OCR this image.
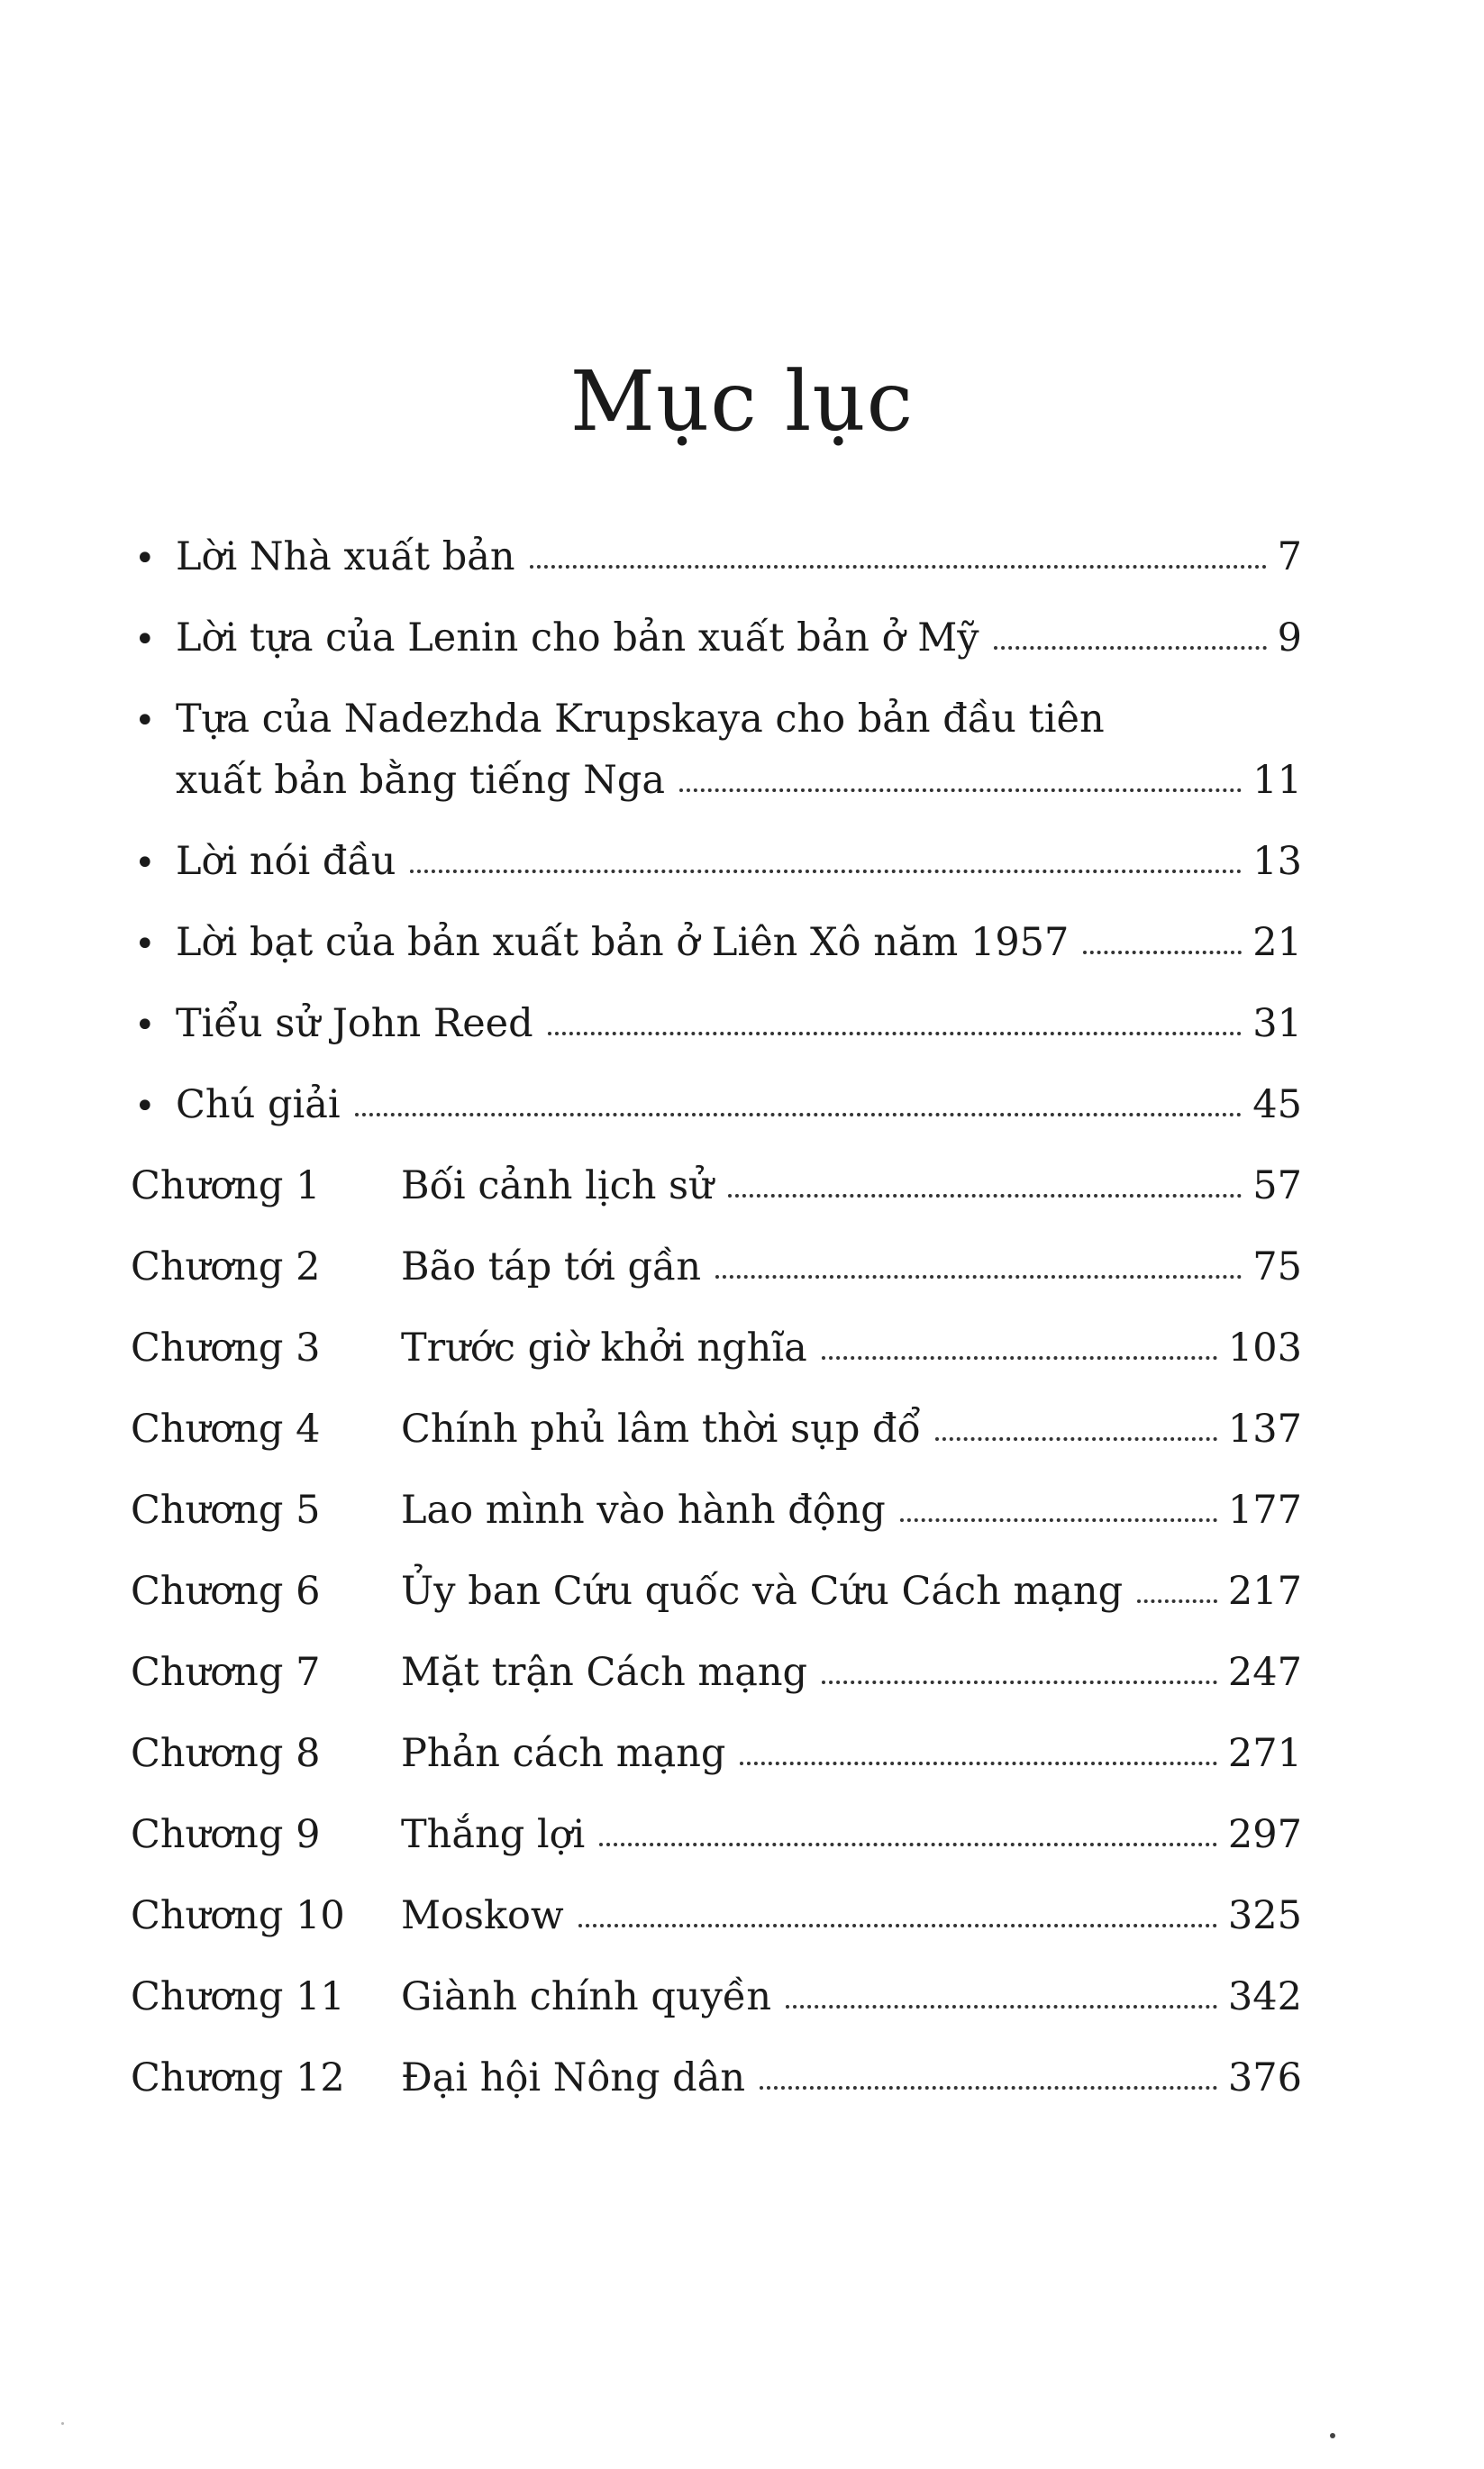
Mục lục
• Lời Nhà xuất bản	7
• Lời tựa của Lenin cho bản xuất bản ở Mỹ	9
• Tựa của Nadezhda Krupskaya cho bản đầu tiên
xuất bản bằng tiếng Nga	11
• Lời nói đầu	13
• Lời bạt của bản xuất bản ở Liên Xô năm 1957	21
• Tiểu sử John Reed	31
• Chú giải	45
Chương 1	Bối cảnh lịch sử	57
Chương 2	Bão táp tới gần	75
Chương 3	Trước giờ khởi nghĩa	103
Chương 4	Chính phủ lâm thời sụp đổ	137
Chương 5	Lao mình vào hành động	177
Chương 6	Ủy ban Cứu quốc và Cứu Cách mạng	217
Chương 7	Mặt trận Cách mạng	247
Chương 8	Phản cách mạng	271
Chương 9	Thắng lợi	297
Chương 10	Moskow	325
Chương 11	Giành chính quyền	342
Chương 12	Đại hội Nông dân	376
